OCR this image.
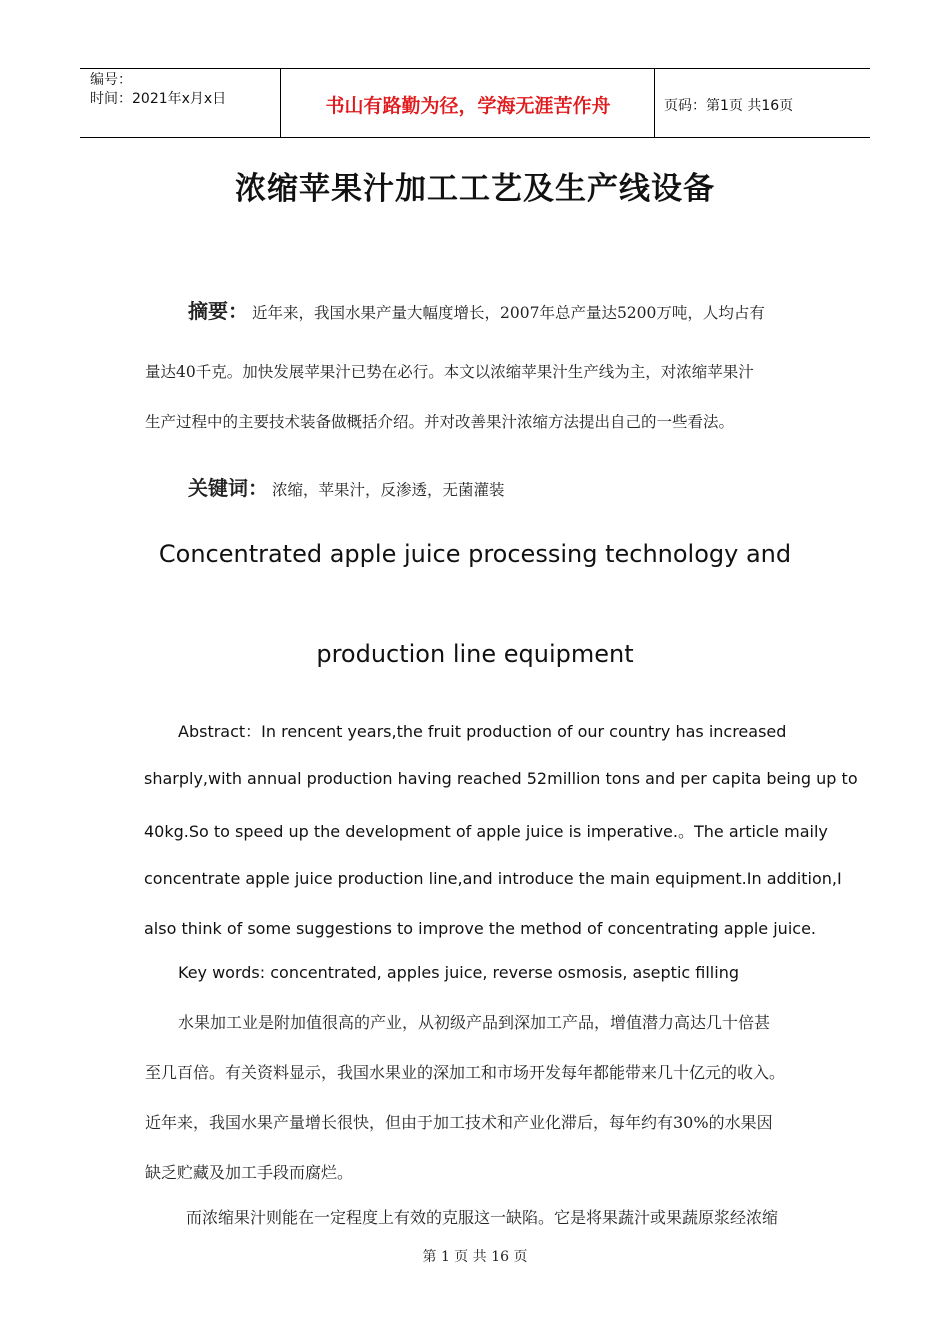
编号：
时间：2021年x月x日	书山有路勤为径，学海无涯苦作舟	页码：第1页 共16页
浓缩苹果汁加工工艺及生产线设备
摘要： 近年来，我国水果产量大幅度增长，2007年总产量达5200万吨，人均占有
量达40千克。加快发展苹果汁已势在必行。本文以浓缩苹果汁生产线为主，对浓缩苹果汁
生产过程中的主要技术装备做概括介绍。并对改善果汁浓缩方法提出自己的一些看法。
关键词： 浓缩，苹果汁，反渗透，无菌灌装
Concentrated apple juice processing technology and
production line equipment
Abstract：In rencent years,the fruit production of our country has increased
sharply,with annual production having reached 52million tons and per capita being up to
40kg.So to speed up the development of apple juice is imperative.。The article maily
concentrate apple juice production line,and introduce the main equipment.In addition,I
also think of some suggestions to improve the method of concentrating apple juice.
Key words: concentrated, apples juice, reverse osmosis, aseptic filling
水果加工业是附加值很高的产业，从初级产品到深加工产品，增值潜力高达几十倍甚
至几百倍。有关资料显示，我国水果业的深加工和市场开发每年都能带来几十亿元的收入。
近年来，我国水果产量增长很快，但由于加工技术和产业化滞后，每年约有30%的水果因
缺乏贮藏及加工手段而腐烂。
而浓缩果汁则能在一定程度上有效的克服这一缺陷。它是将果蔬汁或果蔬原浆经浓缩
第 1 页 共 16 页
